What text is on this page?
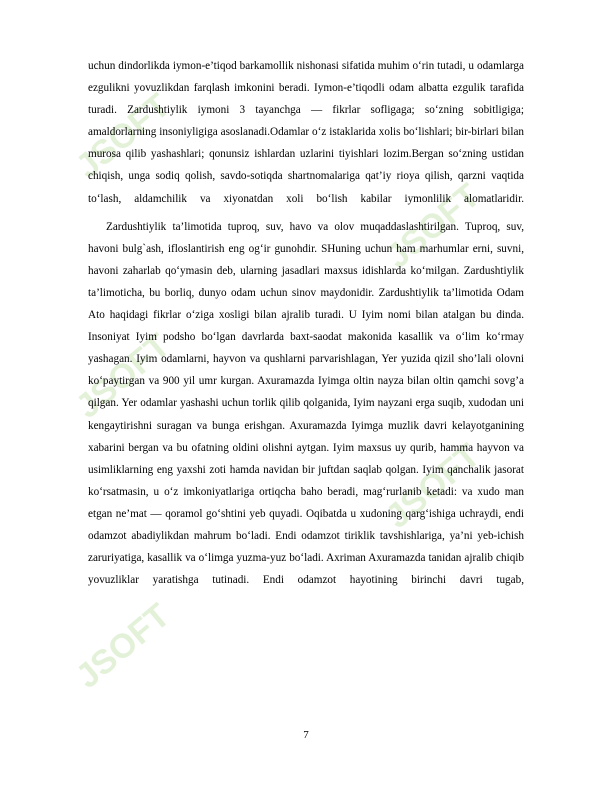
JSOFT
JSOFT
JSOFT
JSOFT
JSOFT

uchun dindorlikda iymon-e’tiqod barkamollik nishonasi sifatida muhim o‘rin tutadi, u odamlarga ezgulikni yovuzlikdan farqlash imkonini beradi. Iymon-e’tiqodli odam albatta ezgulik tarafida turadi. Zardushtiylik iymoni 3 tayanchga — fikrlar sofligaga; so‘zning sobitligiga; amaldorlarning insoniyligiga asoslanadi.Odamlar o‘z istaklarida xolis bo‘lishlari; bir-birlari bilan murosa qilib yashashlari; qonunsiz ishlardan uzlarini tiyishlari lozim.Bergan so‘zning ustidan chiqish, unga sodiq qolish, savdo-sotiqda shartnomalariga qat’iy rioya qilish, qarzni vaqtida to‘lash, aldamchilik va xiyonatdan xoli bo‘lish kabilar iymonlilik alomatlaridir.

Zardushtiylik ta’limotida tuproq, suv, havo va olov muqaddaslashtirilgan. Tuproq, suv, havoni bulg`ash, ifloslantirish eng og‘ir gunohdir. SHuning uchun ham marhumlar erni, suvni, havoni zaharlab qo‘ymasin deb, ularning jasadlari maxsus idishlarda ko‘milgan. Zardushtiylik ta’limoticha, bu borliq, dunyo odam uchun sinov maydonidir. Zardushtiylik ta’limotida Odam Ato haqidagi fikrlar o‘ziga xosligi bilan ajralib turadi. U Iyim nomi bilan atalgan bu dinda. Insoniyat Iyim podsho bo‘lgan davrlarda baxt-saodat makonida kasallik va o‘lim ko‘rmay yashagan. Iyim odamlarni, hayvon va qushlarni parvarishlagan, Yer yuzida qizil sho’lali olovni ko‘paytirgan va 900 yil umr kurgan. Axuramazda Iyimga oltin nayza bilan oltin qamchi sovg’a qilgan. Yer odamlar yashashi uchun torlik qilib qolganida, Iyim nayzani erga suqib, xudodan uni kengaytirishni suragan va bunga erishgan. Axuramazda Iyimga muzlik davri kelayotganining xabarini bergan va bu ofatning oldini olishni aytgan. Iyim maxsus uy qurib, hamma hayvon va usimliklarning eng yaxshi zoti hamda navidan bir juftdan saqlab qolgan. Iyim qanchalik jasorat ko‘rsatmasin, u o‘z imkoniyatlariga ortiqcha baho beradi, mag‘rurlanib ketadi: va xudo man etgan ne’mat — qoramol go‘shtini yeb quyadi. Oqibatda u xudoning qarg‘ishiga uchraydi, endi odamzot abadiylikdan mahrum bo‘ladi. Endi odamzot tiriklik tavshishlariga, ya’ni yeb-ichish zaruriyatiga, kasallik va o‘limga yuzma-yuz bo‘ladi. Axriman Axuramazda tanidan ajralib chiqib yovuzliklar yaratishga tutinadi. Endi odamzot hayotining birinchi davri tugab,

7
